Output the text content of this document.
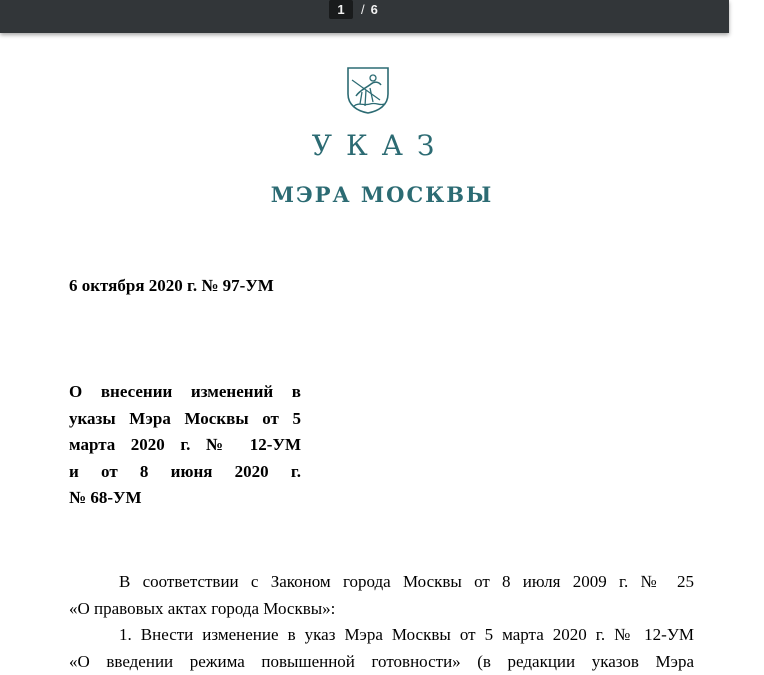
1	/ 6
УКАЗ
МЭРА МОСКВЫ
6 октября 2020 г. № 97-УМ
О внесении изменений в
указы Мэра Москвы от 5
марта 2020 г. № 12-УМ
и от 8 июня 2020 г.
№ 68-УМ
В соответствии с Законом города Москвы от 8 июля 2009 г. № 25
«О правовых актах города Москвы»:
1. Внести изменение в указ Мэра Москвы от 5 марта 2020 г. № 12-УМ
«О введении режима повышенной готовности» (в редакции указов Мэра
